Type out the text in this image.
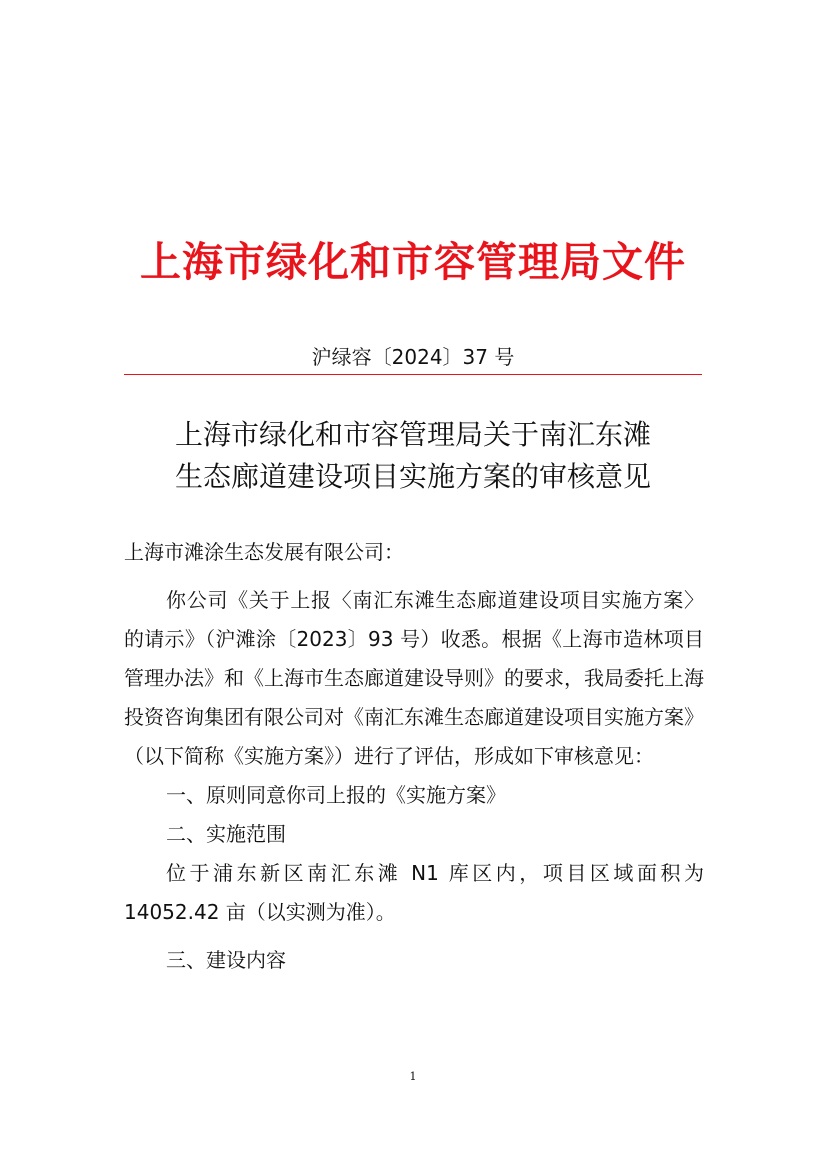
上海市绿化和市容管理局文件
沪绿容〔2024〕37 号
上海市绿化和市容管理局关于南汇东滩
生态廊道建设项目实施方案的审核意见

上海市滩涂生态发展有限公司：

你公司《关于上报〈南汇东滩生态廊道建设项目实施方案〉的请示》（沪滩涂〔2023〕93 号）收悉。根据《上海市造林项目管理办法》和《上海市生态廊道建设导则》的要求，我局委托上海投资咨询集团有限公司对《南汇东滩生态廊道建设项目实施方案》（以下简称《实施方案》）进行了评估，形成如下审核意见：

一、原则同意你司上报的《实施方案》

二、实施范围

位于浦东新区南汇东滩 N1 库区内，项目区域面积为 14052.42 亩（以实测为准）。

三、建设内容

1
